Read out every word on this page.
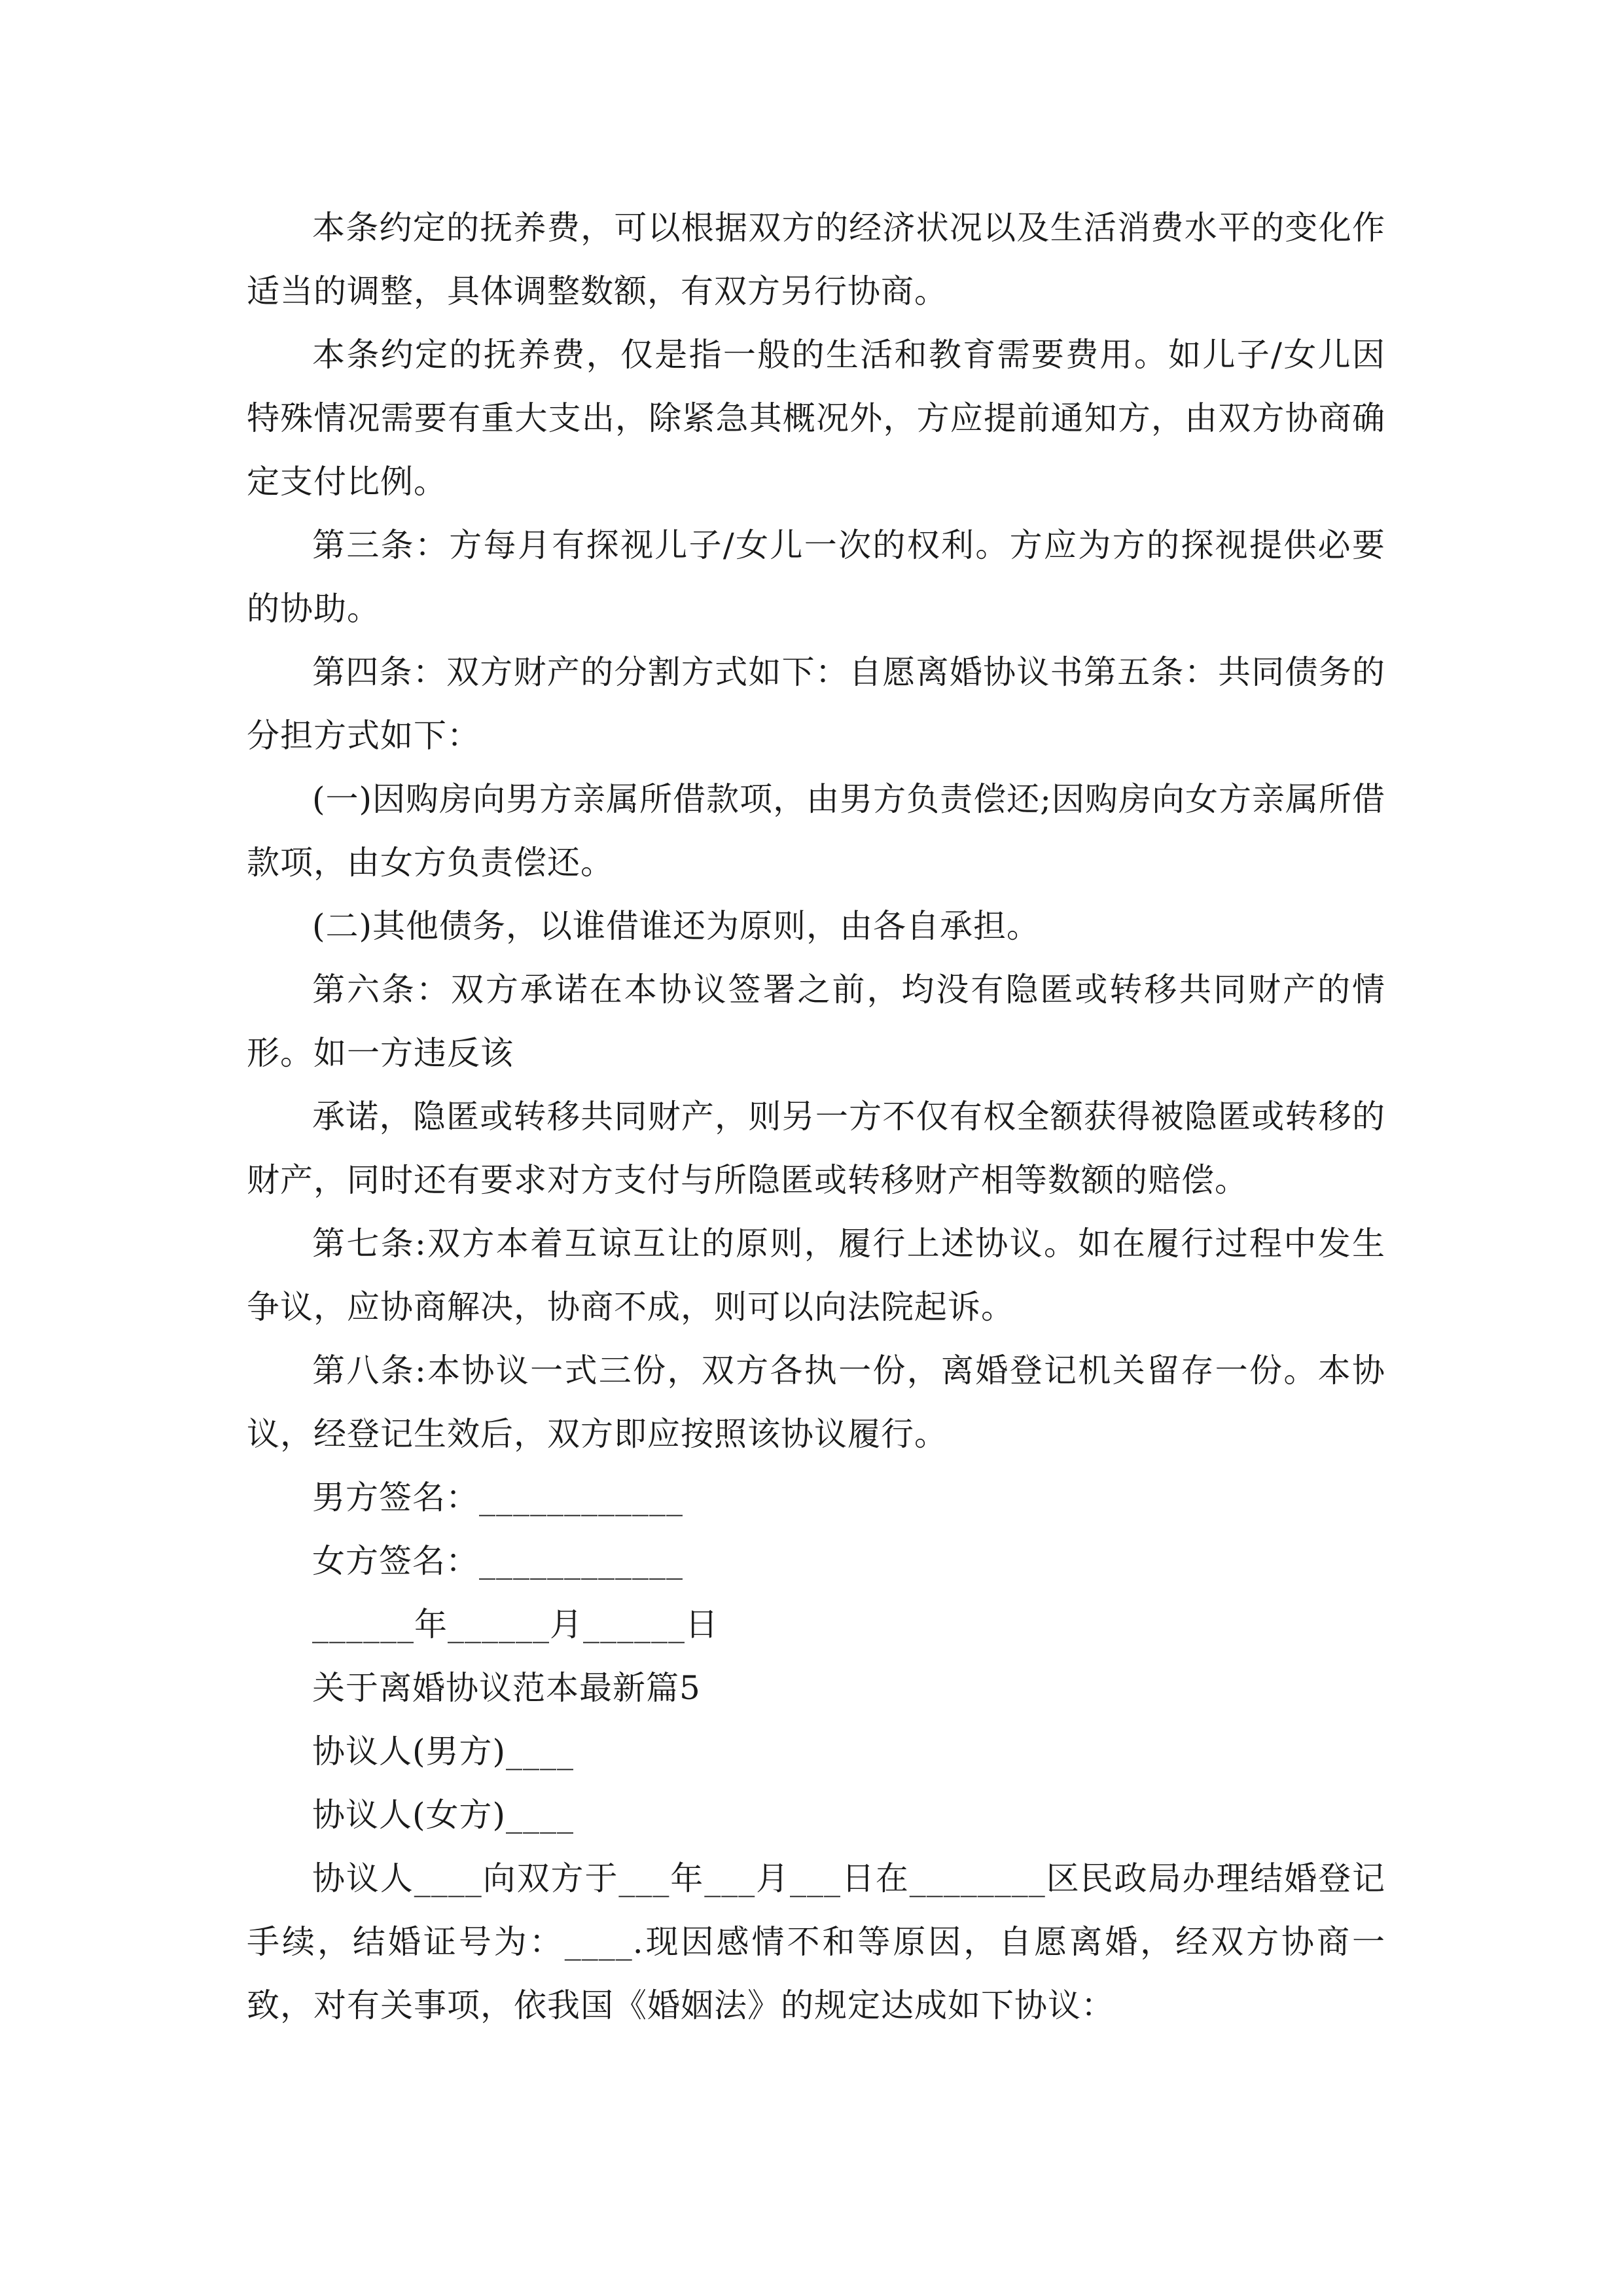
本条约定的抚养费，可以根据双方的经济状况以及生活消费水平的变化作适当的调整，具体调整数额，有双方另行协商。

本条约定的抚养费，仅是指一般的生活和教育需要费用。如儿子/女儿因特殊情况需要有重大支出，除紧急其概况外，方应提前通知方，由双方协商确定支付比例。

第三条：方每月有探视儿子/女儿一次的权利。方应为方的探视提供必要的协助。

第四条：双方财产的分割方式如下：自愿离婚协议书第五条：共同债务的分担方式如下：

(一)因购房向男方亲属所借款项，由男方负责偿还;因购房向女方亲属所借款项，由女方负责偿还。

(二)其他债务，以谁借谁还为原则，由各自承担。

第六条：双方承诺在本协议签署之前，均没有隐匿或转移共同财产的情形。如一方违反该

承诺，隐匿或转移共同财产，则另一方不仅有权全额获得被隐匿或转移的财产，同时还有要求对方支付与所隐匿或转移财产相等数额的赔偿。

第七条:双方本着互谅互让的原则，履行上述协议。如在履行过程中发生争议，应协商解决，协商不成，则可以向法院起诉。

第八条:本协议一式三份，双方各执一份，离婚登记机关留存一份。本协议，经登记生效后，双方即应按照该协议履行。

男方签名：____________

女方签名：____________

______年______月______日

关于离婚协议范本最新篇5

协议人(男方)____

协议人(女方)____

协议人____向双方于___年___月___日在________区民政局办理结婚登记手续，结婚证号为：____.现因感情不和等原因，自愿离婚，经双方协商一致，对有关事项，依我国《婚姻法》的规定达成如下协议：
